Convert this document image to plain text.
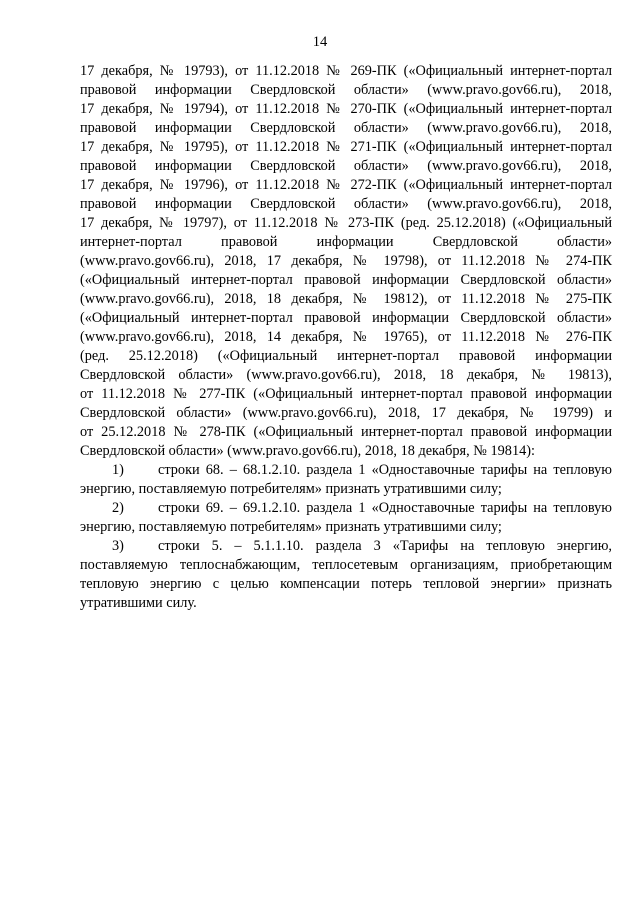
14

17 декабря, № 19793), от 11.12.2018 № 269-ПК («Официальный интернет-портал

правовой информации Свердловской области» (www.pravo.gov66.ru), 2018,

17 декабря, № 19794), от 11.12.2018 № 270-ПК («Официальный интернет-портал

правовой информации Свердловской области» (www.pravo.gov66.ru), 2018,

17 декабря, № 19795), от 11.12.2018 № 271-ПК («Официальный интернет-портал

правовой информации Свердловской области» (www.pravo.gov66.ru), 2018,

17 декабря, № 19796), от 11.12.2018 № 272-ПК («Официальный интернет-портал

правовой информации Свердловской области» (www.pravo.gov66.ru), 2018,

17 декабря, № 19797), от 11.12.2018 № 273-ПК (ред. 25.12.2018) («Официальный

интернет-портал правовой информации Свердловской области»

(www.pravo.gov66.ru), 2018, 17 декабря, № 19798), от 11.12.2018 № 274-ПК

(«Официальный интернет-портал правовой информации Свердловской области»

(www.pravo.gov66.ru), 2018, 18 декабря, № 19812), от 11.12.2018 № 275-ПК

(«Официальный интернет-портал правовой информации Свердловской области»

(www.pravo.gov66.ru), 2018, 14 декабря, № 19765), от 11.12.2018 № 276-ПК

(ред. 25.12.2018) («Официальный интернет-портал правовой информации

Свердловской области» (www.pravo.gov66.ru), 2018, 18 декабря, № 19813),

от 11.12.2018 № 277-ПК («Официальный интернет-портал правовой информации

Свердловской области» (www.pravo.gov66.ru), 2018, 17 декабря, № 19799) и

от 25.12.2018 № 278-ПК («Официальный интернет-портал правовой информации

Свердловской области» (www.pravo.gov66.ru), 2018, 18 декабря, № 19814):

1) строки 68. – 68.1.2.10. раздела 1 «Одноставочные тарифы на тепловую энергию, поставляемую потребителям» признать утратившими силу;

2) строки 69. – 69.1.2.10. раздела 1 «Одноставочные тарифы на тепловую энергию, поставляемую потребителям» признать утратившими силу;

3) строки 5. – 5.1.1.10. раздела 3 «Тарифы на тепловую энергию, поставляемую теплоснабжающим, теплосетевым организациям, приобретающим тепловую энергию с целью компенсации потерь тепловой энергии» признать утратившими силу.
